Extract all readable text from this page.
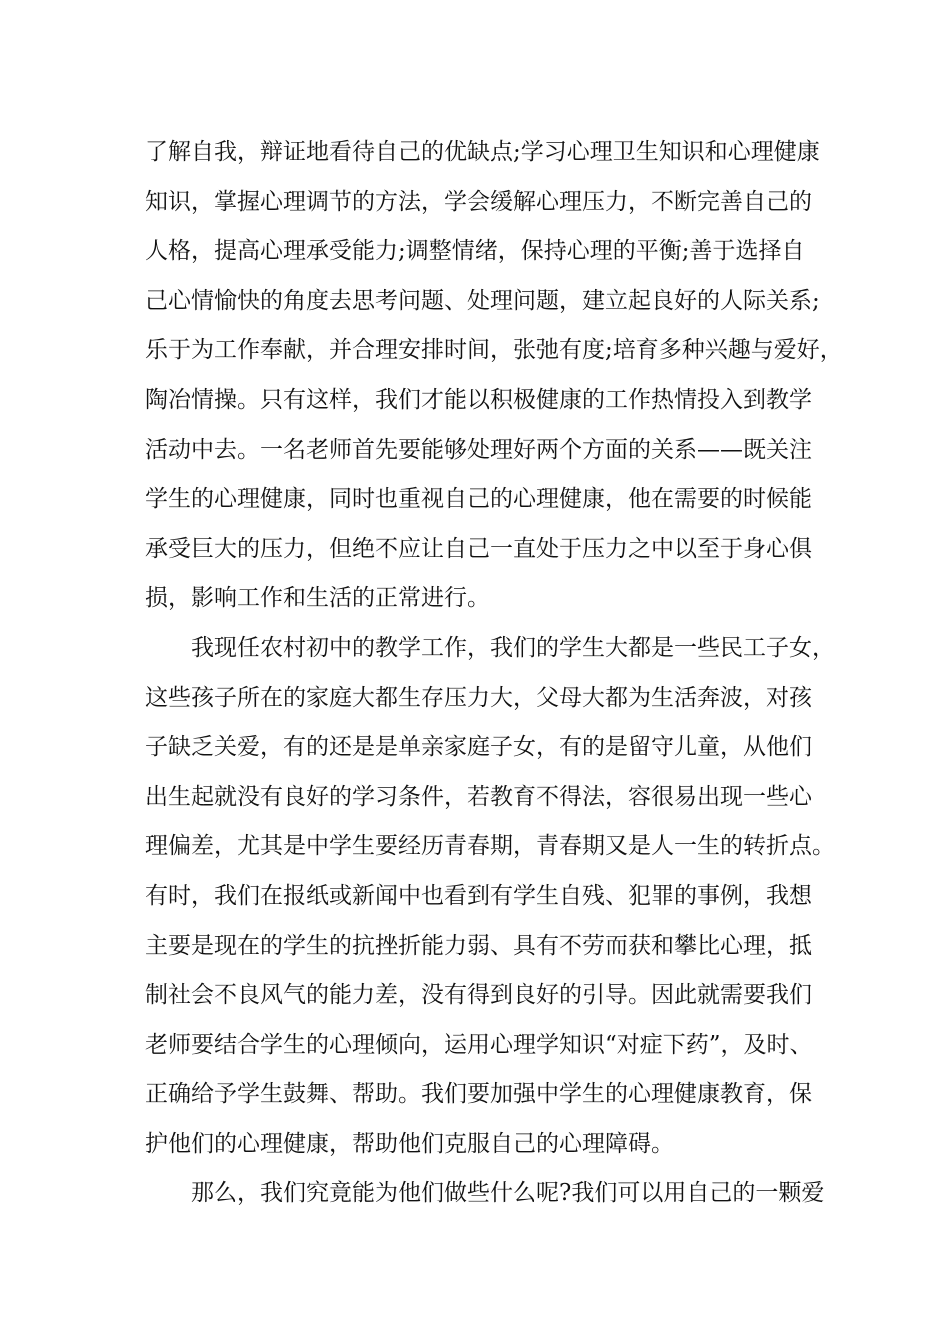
了解自我，辩证地看待自己的优缺点;学习心理卫生知识和心理健康
知识，掌握心理调节的方法，学会缓解心理压力，不断完善自己的
人格，提高心理承受能力;调整情绪，保持心理的平衡;善于选择自
己心情愉快的角度去思考问题、处理问题，建立起良好的人际关系;
乐于为工作奉献，并合理安排时间，张弛有度;培育多种兴趣与爱好，
陶冶情操。只有这样，我们才能以积极健康的工作热情投入到教学
活动中去。一名老师首先要能够处理好两个方面的关系——既关注
学生的心理健康，同时也重视自己的心理健康，他在需要的时候能
承受巨大的压力，但绝不应让自己一直处于压力之中以至于身心俱
损，影响工作和生活的正常进行。
我现任农村初中的教学工作，我们的学生大都是一些民工子女，
这些孩子所在的家庭大都生存压力大，父母大都为生活奔波，对孩
子缺乏关爱，有的还是是单亲家庭子女，有的是留守儿童，从他们
出生起就没有良好的学习条件，若教育不得法，容很易出现一些心
理偏差，尤其是中学生要经历青春期，青春期又是人一生的转折点。
有时，我们在报纸或新闻中也看到有学生自残、犯罪的事例，我想
主要是现在的学生的抗挫折能力弱、具有不劳而获和攀比心理，抵
制社会不良风气的能力差，没有得到良好的引导。因此就需要我们
老师要结合学生的心理倾向，运用心理学知识“对症下药”，及时、
正确给予学生鼓舞、帮助。我们要加强中学生的心理健康教育，保
护他们的心理健康，帮助他们克服自己的心理障碍。
那么，我们究竟能为他们做些什么呢?我们可以用自己的一颗爱
